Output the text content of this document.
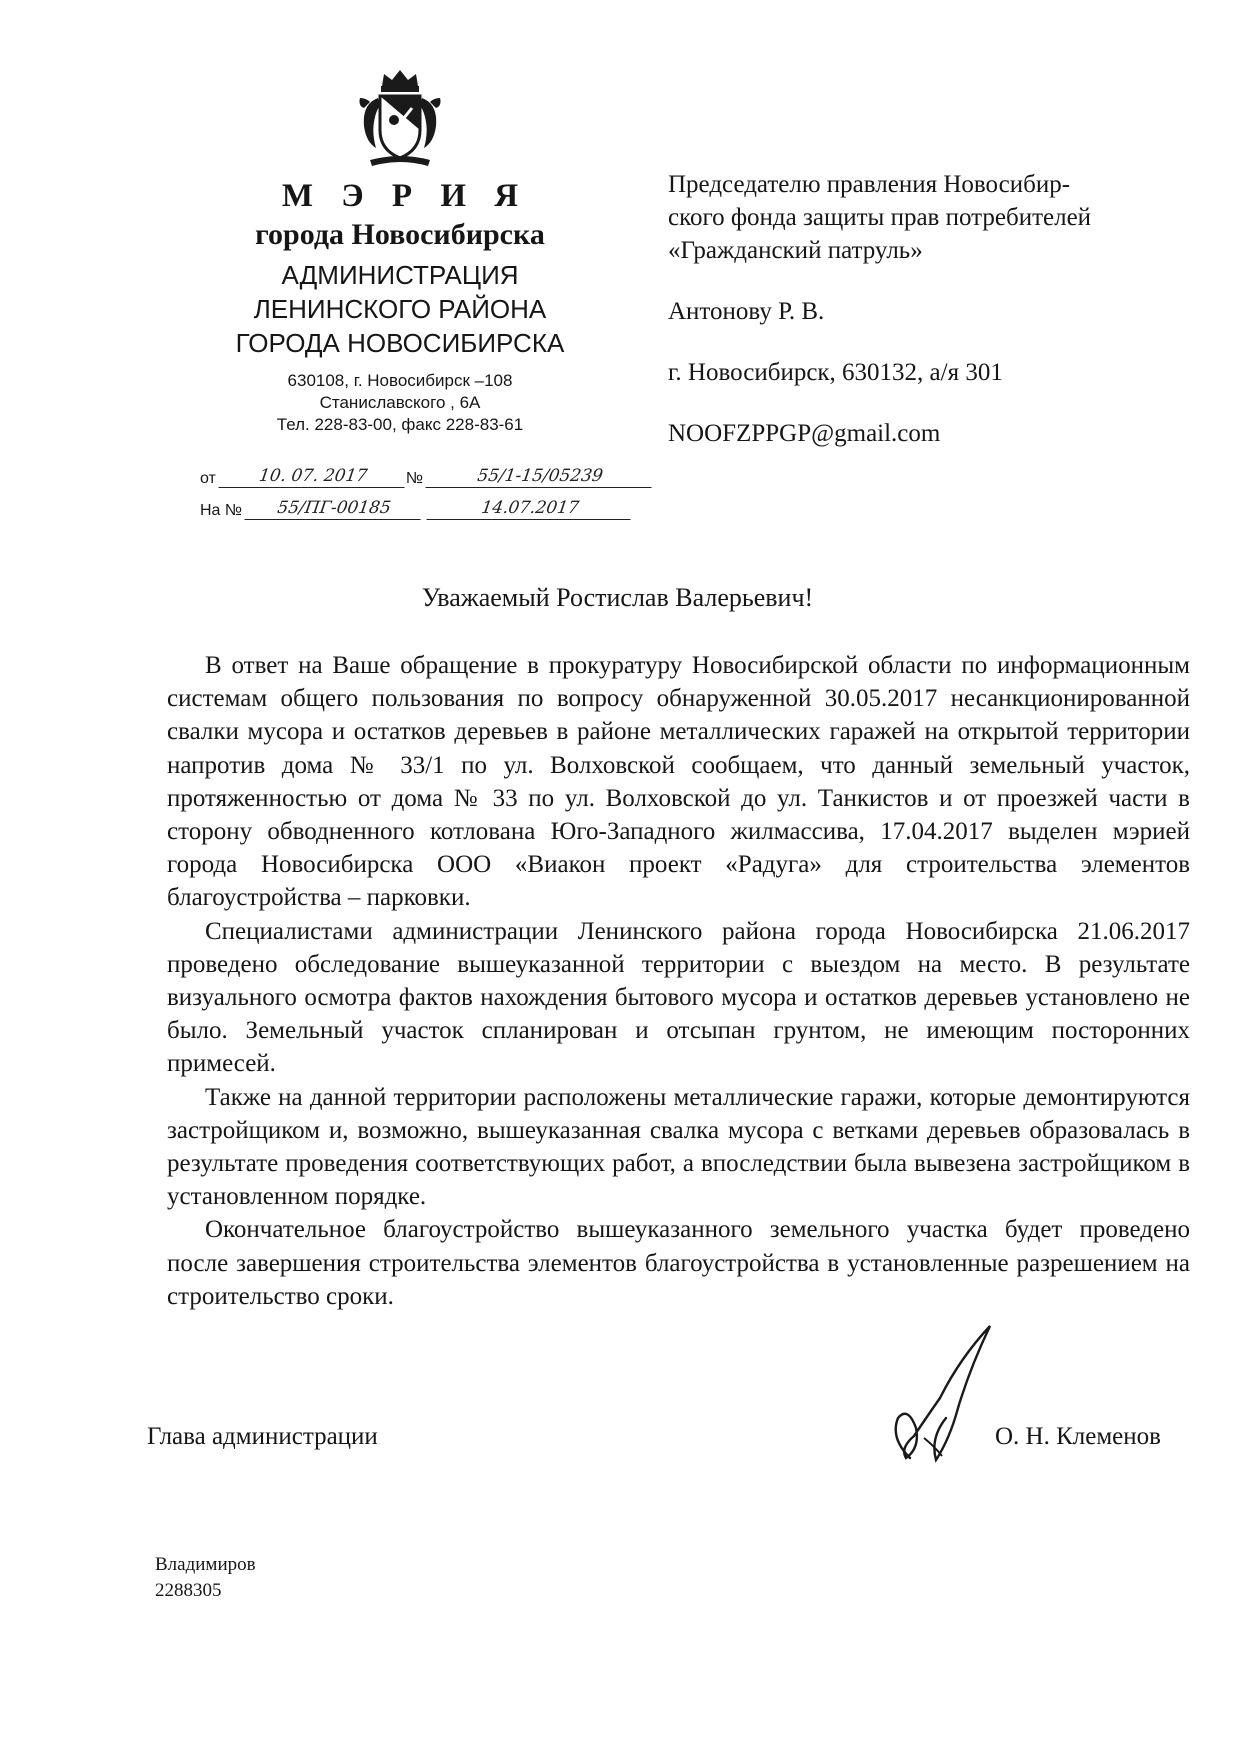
М Э Р И Я
города Новосибирска
АДМИНИСТРАЦИЯ
ЛЕНИНСКОГО РАЙОНА
ГОРОДА НОВОСИБИРСКА
630108, г. Новосибирск –108
Станиславского , 6А
Тел. 228-83-00, факс 228-83-61
от	10. 07. 2017	№	55/1-15/05239
На №	55/ПГ-00185	14.07.2017

Председателю правления Новосибир-

ского фонда защиты прав потребителей

«Гражданский патруль»

Антонову Р. В.

г. Новосибирск, 630132, а/я 301

NOOFZPPGP@gmail.com

Уважаемый Ростислав Валерьевич!

В ответ на Ваше обращение в прокуратуру Новосибирской области по информационным системам общего пользования по вопросу обнаруженной 30.05.2017 несанкционированной свалки мусора и остатков деревьев в районе металлических гаражей на открытой территории напротив дома № 33/1 по ул. Волховской сообщаем, что данный земельный участок, протяженностью от дома № 33 по ул. Волховской до ул. Танкистов и от проезжей части в сторону обводненного котлована Юго-Западного жилмассива, 17.04.2017 выделен мэрией города Новосибирска ООО «Виакон проект «Радуга» для строительства элементов благоустройства – парковки.

Специалистами администрации Ленинского района города Новосибирска 21.06.2017 проведено обследование вышеуказанной территории с выездом на место. В результате визуального осмотра фактов нахождения бытового мусора и остатков деревьев установлено не было. Земельный участок спланирован и отсыпан грунтом, не имеющим посторонних примесей.

Также на данной территории расположены металлические гаражи, которые демонтируются застройщиком и, возможно, вышеуказанная свалка мусора с ветками деревьев образовалась в результате проведения соответствующих работ, а впоследствии была вывезена застройщиком в установленном порядке.

Окончательное благоустройство вышеуказанного земельного участка будет проведено после завершения строительства элементов благоустройства в установленные разрешением на строительство сроки.

Глава администрации	О. Н. Клеменов
Владимиров
2288305
